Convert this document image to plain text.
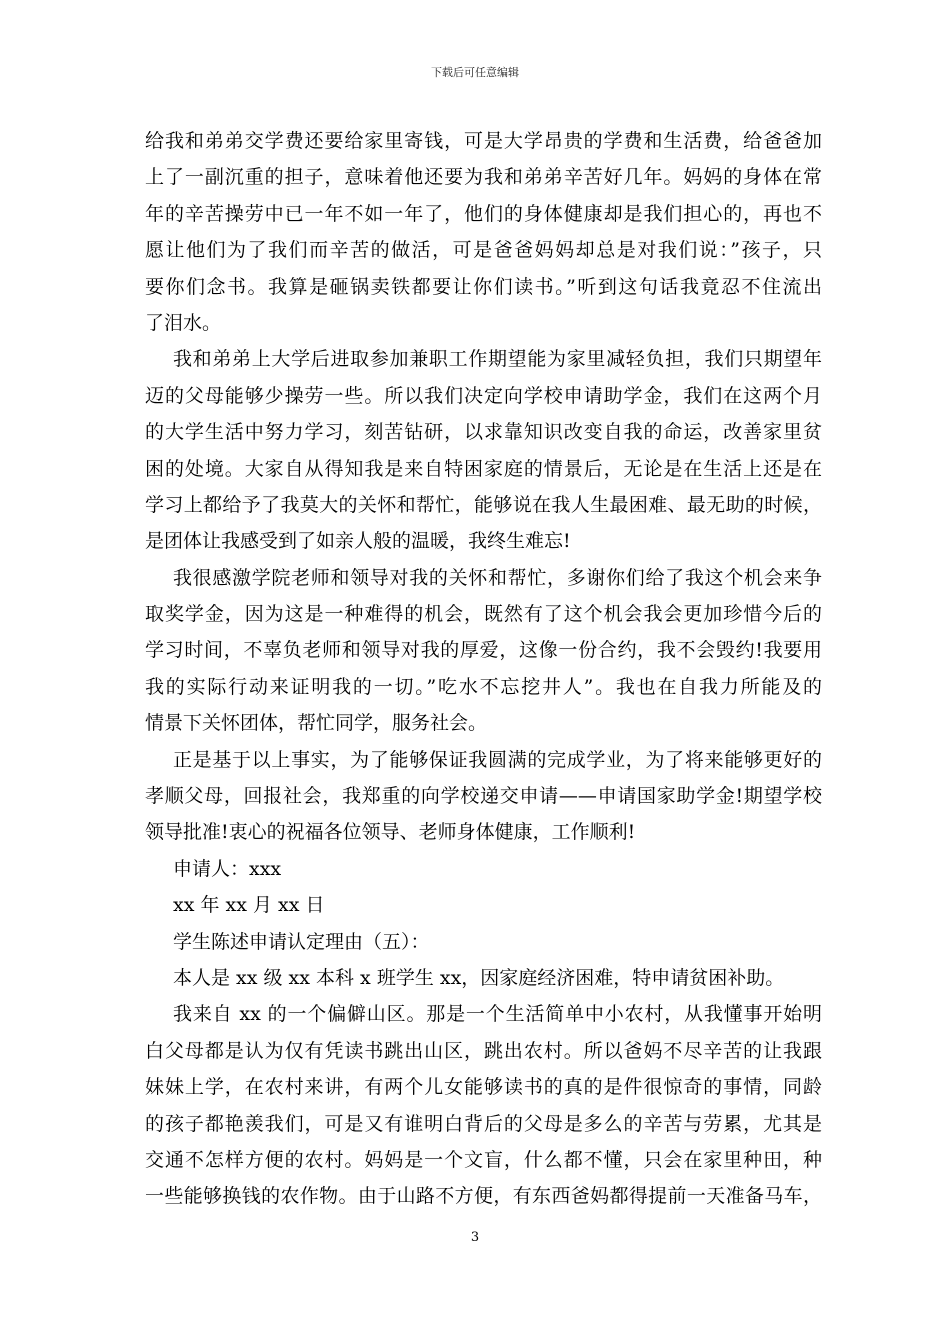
下载后可任意编辑
给我和弟弟交学费还要给家里寄钱，可是大学昂贵的学费和生活费，给爸爸加
上了一副沉重的担子，意味着他还要为我和弟弟辛苦好几年。妈妈的身体在常
年的辛苦操劳中已一年不如一年了，他们的身体健康却是我们担心的，再也不
愿让他们为了我们而辛苦的做活，可是爸爸妈妈却总是对我们说：”孩子，只
要你们念书。我算是砸锅卖铁都要让你们读书。”听到这句话我竟忍不住流出
了泪水。
我和弟弟上大学后进取参加兼职工作期望能为家里减轻负担，我们只期望年
迈的父母能够少操劳一些。所以我们决定向学校申请助学金，我们在这两个月
的大学生活中努力学习，刻苦钻研，以求靠知识改变自我的命运，改善家里贫
困的处境。大家自从得知我是来自特困家庭的情景后，无论是在生活上还是在
学习上都给予了我莫大的关怀和帮忙，能够说在我人生最困难、最无助的时候，
是团体让我感受到了如亲人般的温暖，我终生难忘!
我很感激学院老师和领导对我的关怀和帮忙，多谢你们给了我这个机会来争
取奖学金，因为这是一种难得的机会，既然有了这个机会我会更加珍惜今后的
学习时间，不辜负老师和领导对我的厚爱，这像一份合约，我不会毁约!我要用
我的实际行动来证明我的一切。”吃水不忘挖井人”。我也在自我力所能及的
情景下关怀团体，帮忙同学，服务社会。
正是基于以上事实，为了能够保证我圆满的完成学业，为了将来能够更好的
孝顺父母，回报社会，我郑重的向学校递交申请——申请国家助学金!期望学校
领导批准!衷心的祝福各位领导、老师身体健康，工作顺利!
申请人：xxx
xx 年 xx 月 xx 日
学生陈述申请认定理由（五）：
本人是 xx 级 xx 本科 x 班学生 xx，因家庭经济困难，特申请贫困补助。
我来自 xx 的一个偏僻山区。那是一个生活简单中小农村，从我懂事开始明
白父母都是认为仅有凭读书跳出山区，跳出农村。所以爸妈不尽辛苦的让我跟
妹妹上学，在农村来讲，有两个儿女能够读书的真的是件很惊奇的事情，同龄
的孩子都艳羡我们，可是又有谁明白背后的父母是多么的辛苦与劳累，尤其是
交通不怎样方便的农村。妈妈是一个文盲，什么都不懂，只会在家里种田，种
一些能够换钱的农作物。由于山路不方便，有东西爸妈都得提前一天准备马车，
3
